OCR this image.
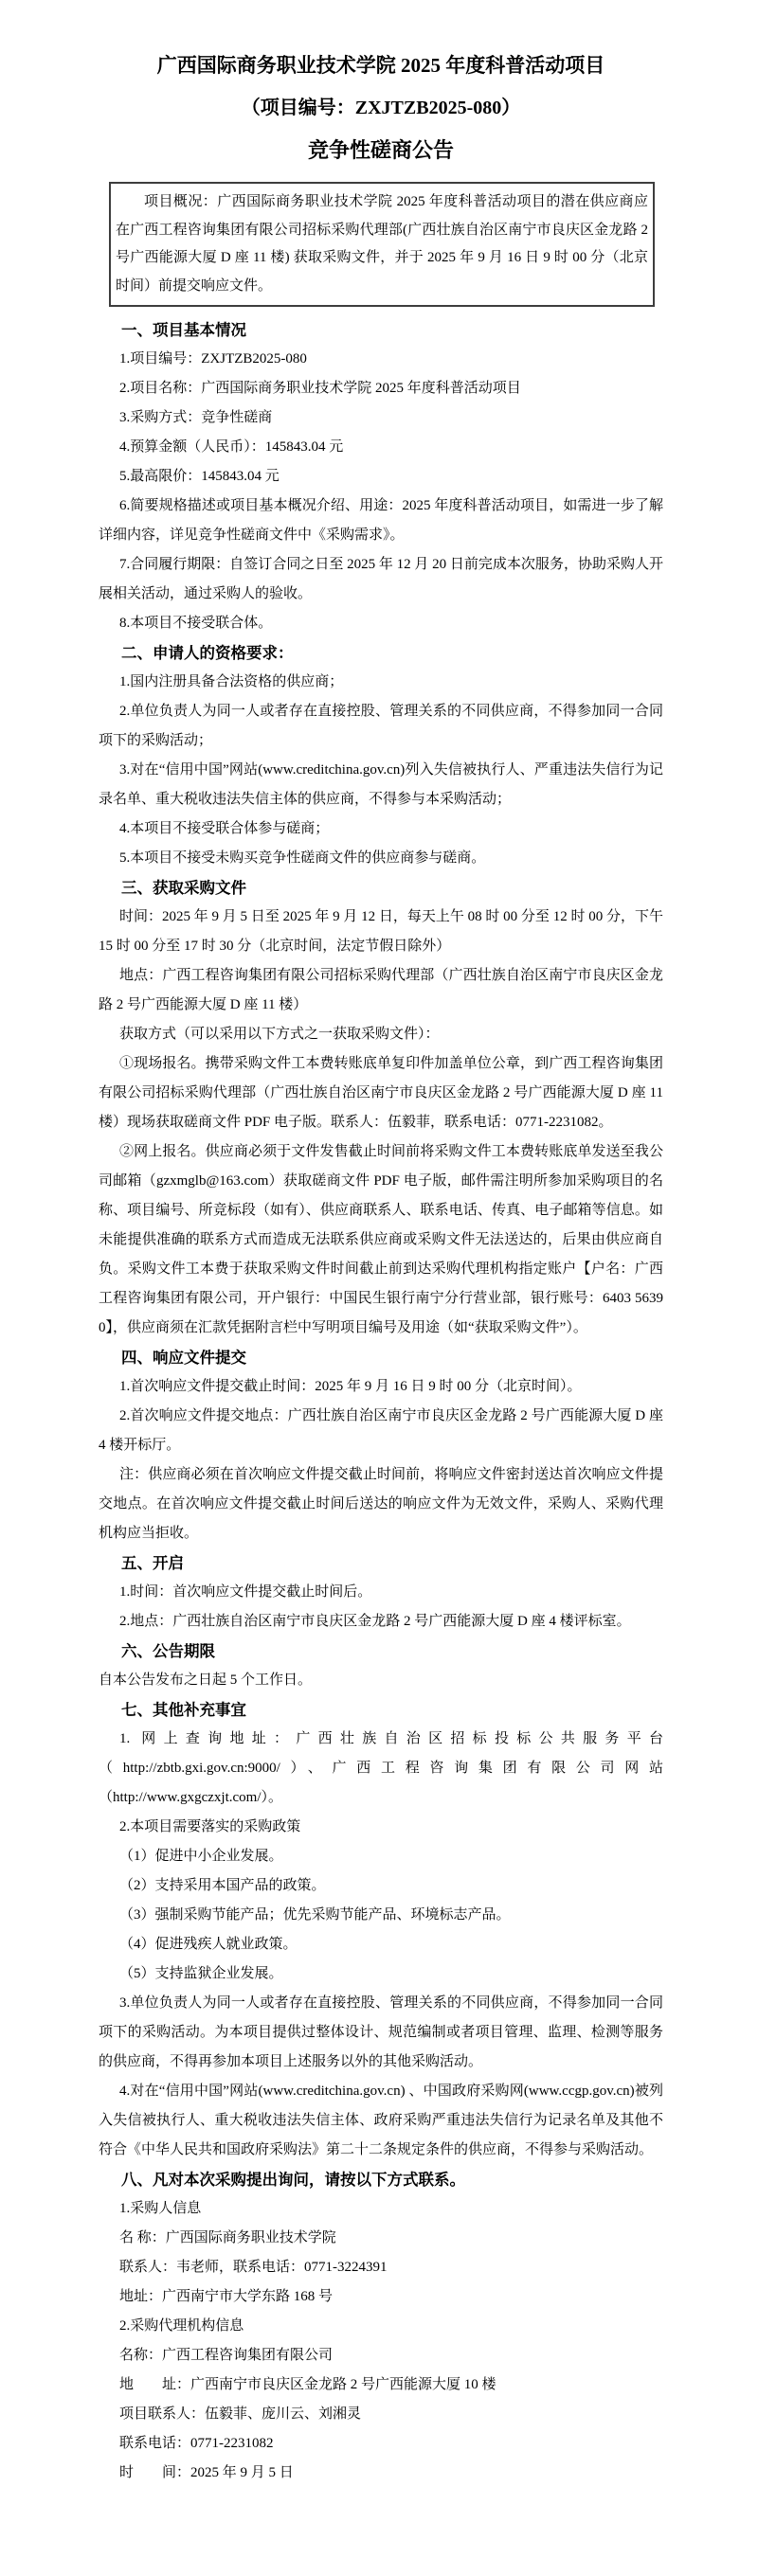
广西国际商务职业技术学院 2025 年度科普活动项目

（项目编号：ZXJTZB2025-080）

竞争性磋商公告

项目概况：广西国际商务职业技术学院 2025 年度科普活动项目的潜在供应商应在广西工程咨询集团有限公司招标采购代理部(广西壮族自治区南宁市良庆区金龙路 2 号广西能源大厦 D 座 11 楼) 获取采购文件，并于 2025 年 9 月 16 日 9 时 00 分（北京时间）前提交响应文件。

一、项目基本情况

1.项目编号：ZXJTZB2025-080

2.项目名称：广西国际商务职业技术学院 2025 年度科普活动项目

3.采购方式：竞争性磋商

4.预算金额（人民币）：145843.04 元

5.最高限价：145843.04 元

6.简要规格描述或项目基本概况介绍、用途：2025 年度科普活动项目，如需进一步了解详细内容，详见竞争性磋商文件中《采购需求》。

7.合同履行期限：自签订合同之日至 2025 年 12 月 20 日前完成本次服务，协助采购人开展相关活动，通过采购人的验收。

8.本项目不接受联合体。

二、申请人的资格要求：

1.国内注册具备合法资格的供应商；

2.单位负责人为同一人或者存在直接控股、管理关系的不同供应商，不得参加同一合同项下的采购活动；

3.对在“信用中国”网站(www.creditchina.gov.cn)列入失信被执行人、严重违法失信行为记录名单、重大税收违法失信主体的供应商，不得参与本采购活动；

4.本项目不接受联合体参与磋商；

5.本项目不接受未购买竞争性磋商文件的供应商参与磋商。

三、获取采购文件

时间：2025 年 9 月 5 日至 2025 年 9 月 12 日，每天上午 08 时 00 分至 12 时 00 分，下午 15 时 00 分至 17 时 30 分（北京时间，法定节假日除外）

地点：广西工程咨询集团有限公司招标采购代理部（广西壮族自治区南宁市良庆区金龙路 2 号广西能源大厦 D 座 11 楼）

获取方式（可以采用以下方式之一获取采购文件）：

①现场报名。携带采购文件工本费转账底单复印件加盖单位公章，到广西工程咨询集团有限公司招标采购代理部（广西壮族自治区南宁市良庆区金龙路 2 号广西能源大厦 D 座 11 楼）现场获取磋商文件 PDF 电子版。联系人：伍毅菲，联系电话：0771-2231082。

②网上报名。供应商必须于文件发售截止时间前将采购文件工本费转账底单发送至我公司邮箱（gzxmglb@163.com）获取磋商文件 PDF 电子版，邮件需注明所参加采购项目的名称、项目编号、所竞标段（如有）、供应商联系人、联系电话、传真、电子邮箱等信息。如未能提供准确的联系方式而造成无法联系供应商或采购文件无法送达的，后果由供应商自负。采购文件工本费于获取采购文件时间截止前到达采购代理机构指定账户【户名：广西工程咨询集团有限公司，开户银行：中国民生银行南宁分行营业部，银行账号：6403 5639 0】，供应商须在汇款凭据附言栏中写明项目编号及用途（如“获取采购文件”）。

四、响应文件提交

1.首次响应文件提交截止时间：2025 年 9 月 16 日 9 时 00 分（北京时间）。

2.首次响应文件提交地点：广西壮族自治区南宁市良庆区金龙路 2 号广西能源大厦 D 座 4 楼开标厅。

注：供应商必须在首次响应文件提交截止时间前，将响应文件密封送达首次响应文件提交地点。在首次响应文件提交截止时间后送达的响应文件为无效文件，采购人、采购代理机构应当拒收。

五、开启

1.时间：首次响应文件提交截止时间后。

2.地点：广西壮族自治区南宁市良庆区金龙路 2 号广西能源大厦 D 座 4 楼评标室。

六、公告期限

自本公告发布之日起 5 个工作日。

七、其他补充事宜

1. 网上查询地址：广西壮族自治区招标投标公共服务平台（http://zbtb.gxi.gov.cn:9000/）、广西工程咨询集团有限公司网站（http://www.gxgczxjt.com/）。

2.本项目需要落实的采购政策

（1）促进中小企业发展。

（2）支持采用本国产品的政策。

（3）强制采购节能产品；优先采购节能产品、环境标志产品。

（4）促进残疾人就业政策。

（5）支持监狱企业发展。

3.单位负责人为同一人或者存在直接控股、管理关系的不同供应商，不得参加同一合同项下的采购活动。为本项目提供过整体设计、规范编制或者项目管理、监理、检测等服务的供应商，不得再参加本项目上述服务以外的其他采购活动。

4.对在“信用中国”网站(www.creditchina.gov.cn) 、中国政府采购网(www.ccgp.gov.cn)被列入失信被执行人、重大税收违法失信主体、政府采购严重违法失信行为记录名单及其他不符合《中华人民共和国政府采购法》第二十二条规定条件的供应商，不得参与采购活动。

八、凡对本次采购提出询问，请按以下方式联系。

1.采购人信息

名 称：广西国际商务职业技术学院

联系人：韦老师，联系电话：0771-3224391

地址：广西南宁市大学东路 168 号

2.采购代理机构信息

名称：广西工程咨询集团有限公司

地　　址：广西南宁市良庆区金龙路 2 号广西能源大厦 10 楼

项目联系人：伍毅菲、庞川云、刘湘灵

联系电话：0771-2231082

时　　间：2025 年 9 月 5 日
